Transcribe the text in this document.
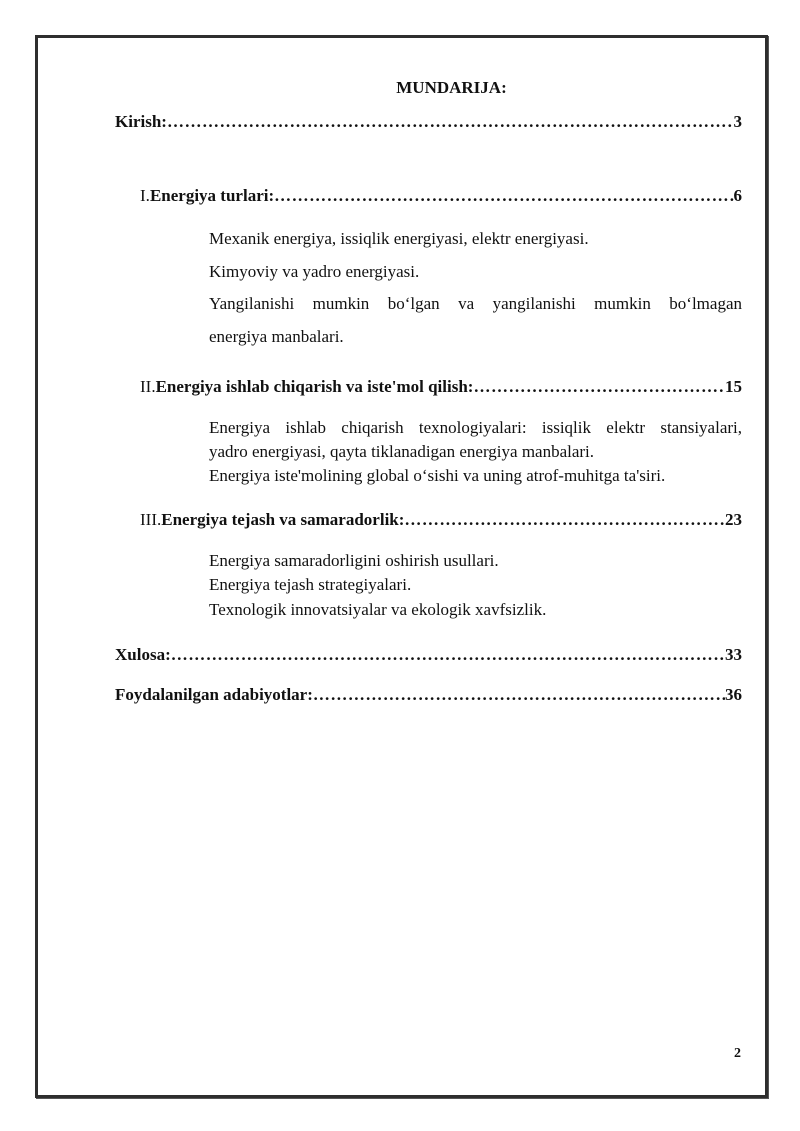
MUNDARIJA:
Kirish: …………………………………………………………………………………………………………………………………………………………	3
I. Energiya turlari: …………………………………………………………………………………………………………………………………………………………	6
Mexanik energiya, issiqlik energiyasi, elektr energiyasi.
Kimyoviy va yadro energiyasi.
Yangilanishi mumkin bo‘lgan va yangilanishi mumkin bo‘lmagan
energiya manbalari.
II. Energiya ishlab chiqarish va iste'mol qilish: …………………………………………………………………………………………………………………………………………………………	15
Energiya ishlab chiqarish texnologiyalari: issiqlik elektr stansiyalari,
yadro energiyasi, qayta tiklanadigan energiya manbalari.
Energiya iste'molining global o‘sishi va uning atrof-muhitga ta'siri.
III. Energiya tejash va samaradorlik: …………………………………………………………………………………………………………………………………………………………	23
Energiya samaradorligini oshirish usullari.
Energiya tejash strategiyalari.
Texnologik innovatsiyalar va ekologik xavfsizlik.
Xulosa: …………………………………………………………………………………………………………………………………………………………	33
Foydalanilgan adabiyotlar: …………………………………………………………………………………………………………………………………………………………	36
2
